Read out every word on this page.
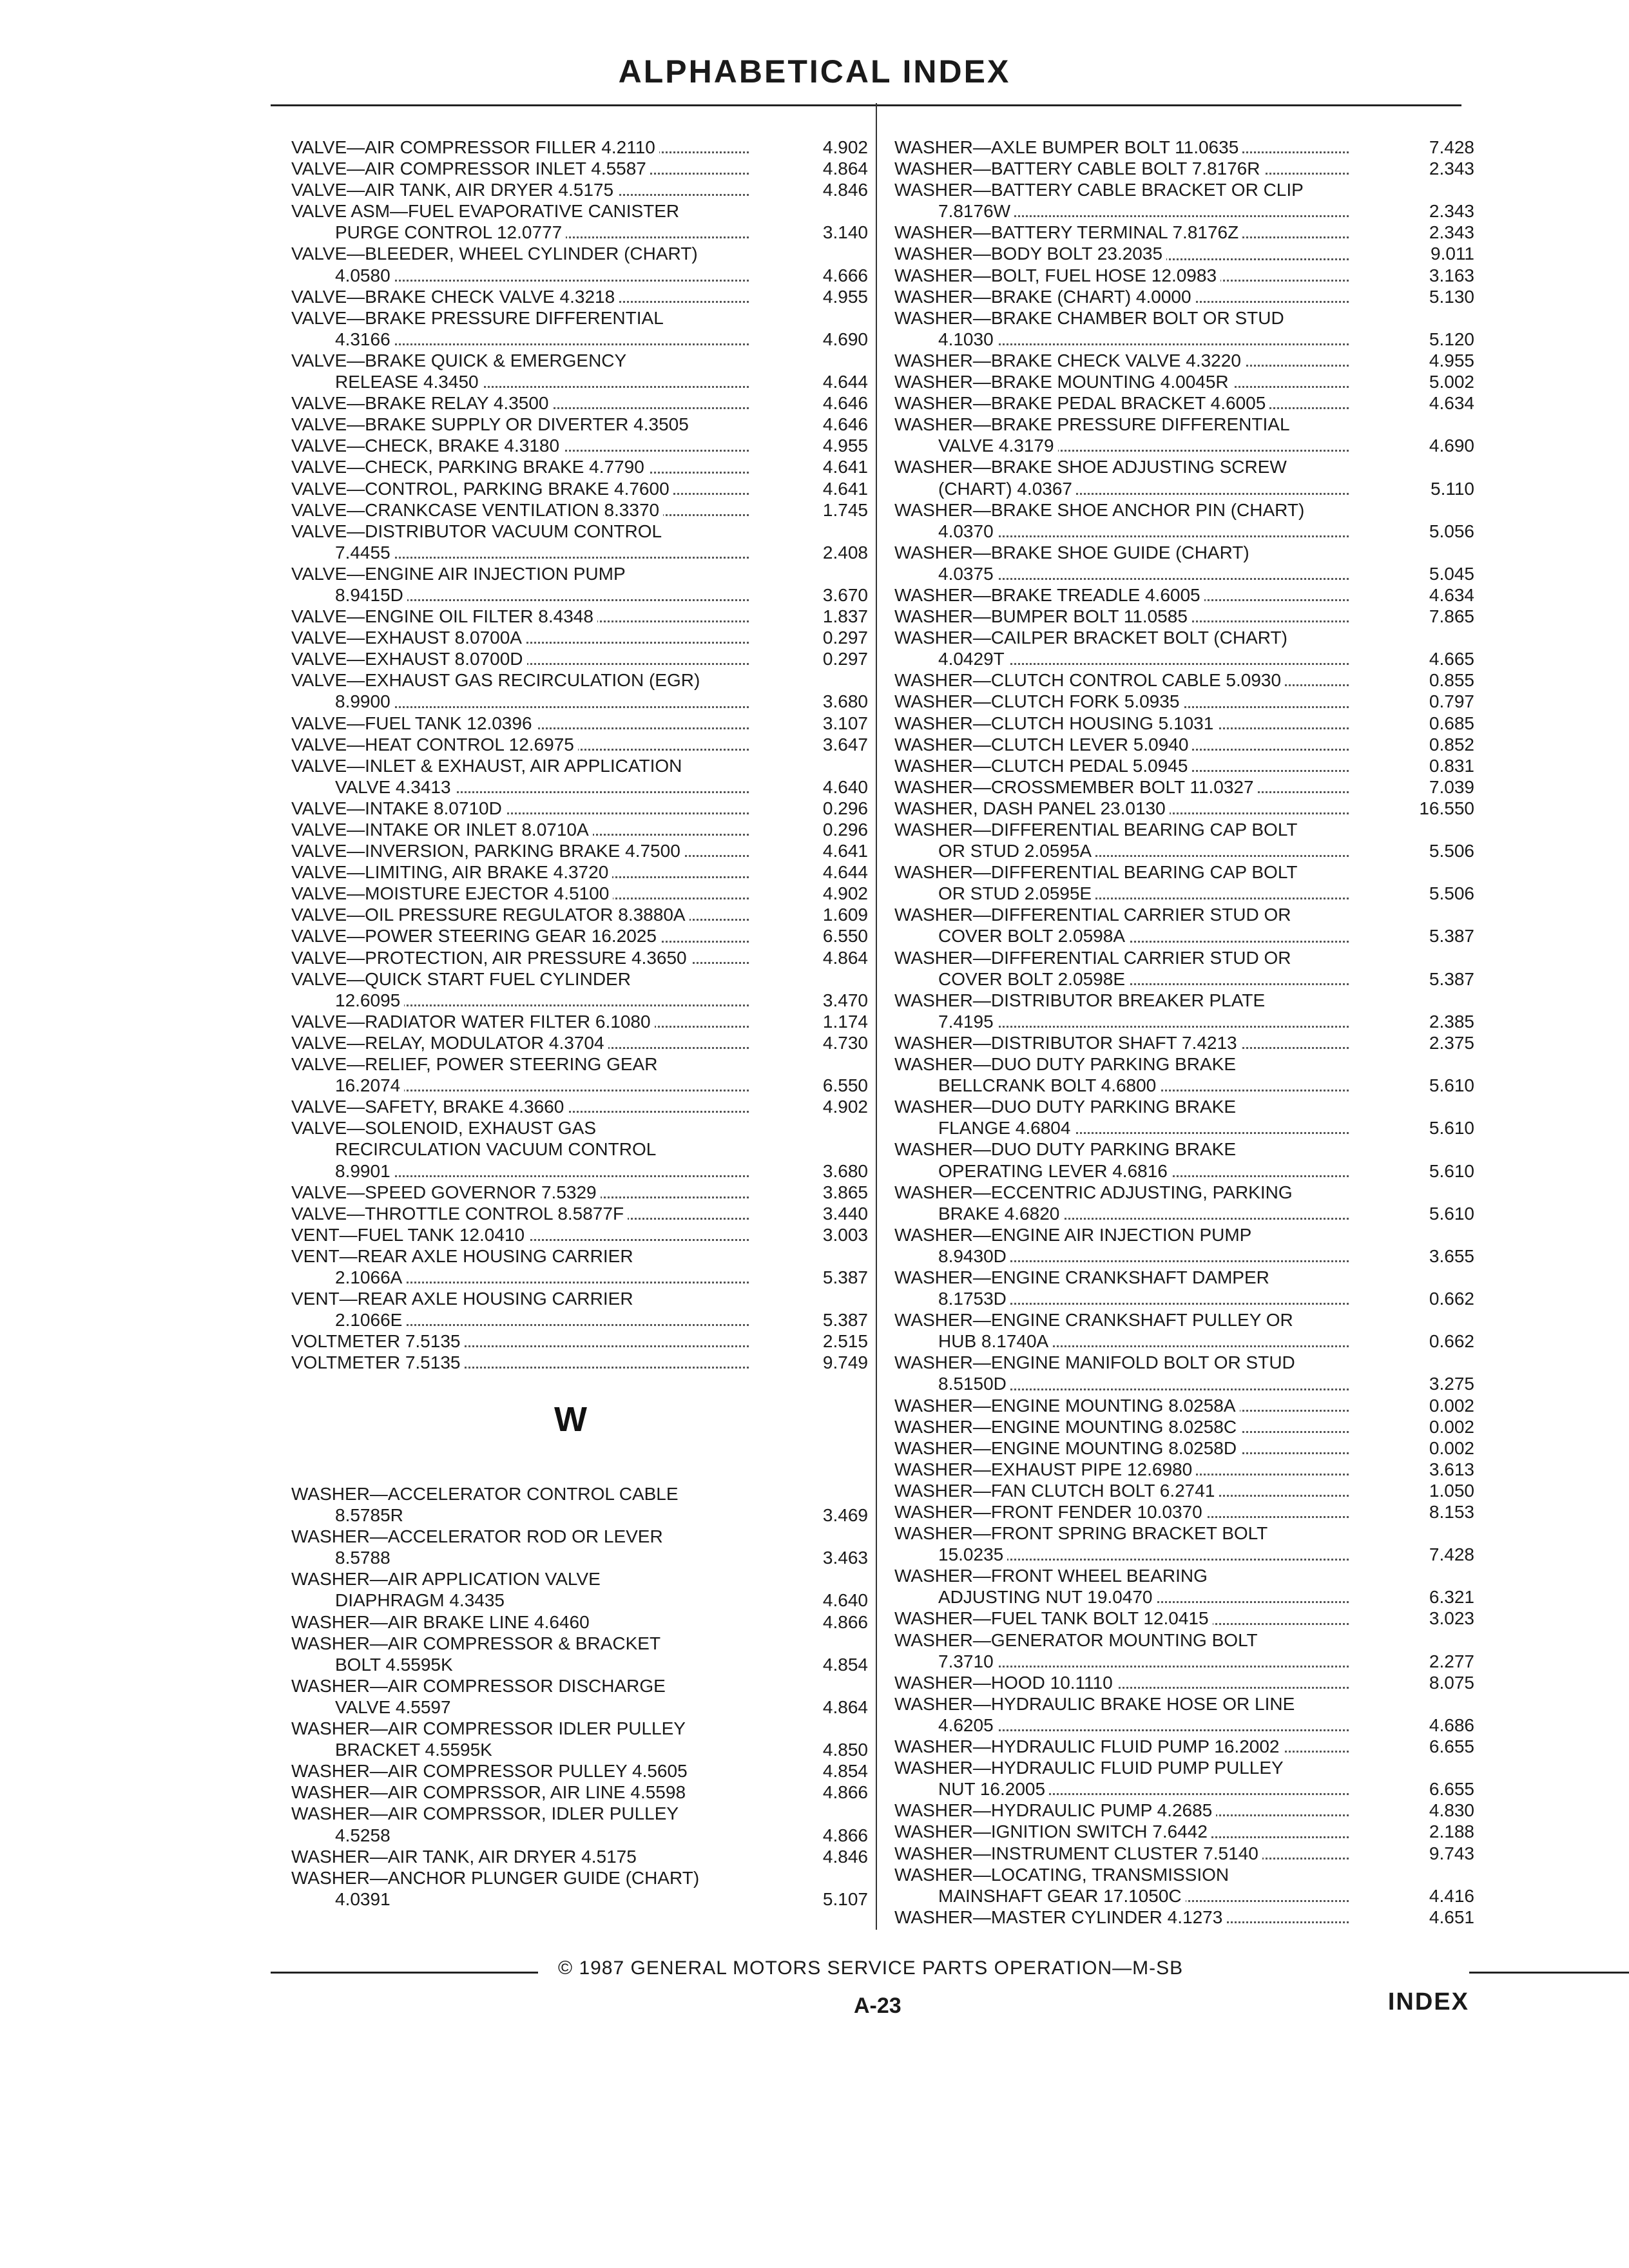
ALPHABETICAL INDEX
VALVE—AIR COMPRESSOR FILLER 4.2110	4.902
VALVE—AIR COMPRESSOR INLET 4.5587	4.864
VALVE—AIR TANK, AIR DRYER 4.5175	4.846
VALVE ASM—FUEL EVAPORATIVE CANISTER
PURGE CONTROL 12.0777	3.140
VALVE—BLEEDER, WHEEL CYLINDER (CHART)
4.0580	4.666
VALVE—BRAKE CHECK VALVE 4.3218	4.955
VALVE—BRAKE PRESSURE DIFFERENTIAL
4.3166	4.690
VALVE—BRAKE QUICK & EMERGENCY
RELEASE 4.3450	4.644
VALVE—BRAKE RELAY 4.3500	4.646
VALVE—BRAKE SUPPLY OR DIVERTER 4.3505	4.646
VALVE—CHECK, BRAKE 4.3180	4.955
VALVE—CHECK, PARKING BRAKE 4.7790	4.641
VALVE—CONTROL, PARKING BRAKE 4.7600	4.641
VALVE—CRANKCASE VENTILATION 8.3370	1.745
VALVE—DISTRIBUTOR VACUUM CONTROL
7.4455	2.408
VALVE—ENGINE AIR INJECTION PUMP
8.9415D	3.670
VALVE—ENGINE OIL FILTER 8.4348	1.837
VALVE—EXHAUST 8.0700A	0.297
VALVE—EXHAUST 8.0700D	0.297
VALVE—EXHAUST GAS RECIRCULATION (EGR)
8.9900	3.680
VALVE—FUEL TANK 12.0396	3.107
VALVE—HEAT CONTROL 12.6975	3.647
VALVE—INLET & EXHAUST, AIR APPLICATION
VALVE 4.3413	4.640
VALVE—INTAKE 8.0710D	0.296
VALVE—INTAKE OR INLET 8.0710A	0.296
VALVE—INVERSION, PARKING BRAKE 4.7500	4.641
VALVE—LIMITING, AIR BRAKE 4.3720	4.644
VALVE—MOISTURE EJECTOR 4.5100	4.902
VALVE—OIL PRESSURE REGULATOR 8.3880A	1.609
VALVE—POWER STEERING GEAR 16.2025	6.550
VALVE—PROTECTION, AIR PRESSURE 4.3650	4.864
VALVE—QUICK START FUEL CYLINDER
12.6095	3.470
VALVE—RADIATOR WATER FILTER 6.1080	1.174
VALVE—RELAY, MODULATOR 4.3704	4.730
VALVE—RELIEF, POWER STEERING GEAR
16.2074	6.550
VALVE—SAFETY, BRAKE 4.3660	4.902
VALVE—SOLENOID, EXHAUST GAS
RECIRCULATION VACUUM CONTROL
8.9901	3.680
VALVE—SPEED GOVERNOR 7.5329	3.865
VALVE—THROTTLE CONTROL 8.5877F	3.440
VENT—FUEL TANK 12.0410	3.003
VENT—REAR AXLE HOUSING CARRIER
2.1066A	5.387
VENT—REAR AXLE HOUSING CARRIER
2.1066E	5.387
VOLTMETER 7.5135	2.515
VOLTMETER 7.5135	9.749
W
WASHER—ACCELERATOR CONTROL CABLE
8.5785R	3.469
WASHER—ACCELERATOR ROD OR LEVER
8.5788	3.463
WASHER—AIR APPLICATION VALVE
DIAPHRAGM 4.3435	4.640
WASHER—AIR BRAKE LINE 4.6460	4.866
WASHER—AIR COMPRESSOR & BRACKET
BOLT 4.5595K	4.854
WASHER—AIR COMPRESSOR DISCHARGE
VALVE 4.5597	4.864
WASHER—AIR COMPRESSOR IDLER PULLEY
BRACKET 4.5595K	4.850
WASHER—AIR COMPRESSOR PULLEY 4.5605	4.854
WASHER—AIR COMPRSSOR, AIR LINE 4.5598	4.866
WASHER—AIR COMPRSSOR, IDLER PULLEY
4.5258	4.866
WASHER—AIR TANK, AIR DRYER 4.5175	4.846
WASHER—ANCHOR PLUNGER GUIDE (CHART)
4.0391	5.107
WASHER—AXLE BUMPER BOLT 11.0635	7.428
WASHER—BATTERY CABLE BOLT 7.8176R	2.343
WASHER—BATTERY CABLE BRACKET OR CLIP
7.8176W	2.343
WASHER—BATTERY TERMINAL 7.8176Z	2.343
WASHER—BODY BOLT 23.2035	9.011
WASHER—BOLT, FUEL HOSE 12.0983	3.163
WASHER—BRAKE (CHART) 4.0000	5.130
WASHER—BRAKE CHAMBER BOLT OR STUD
4.1030	5.120
WASHER—BRAKE CHECK VALVE 4.3220	4.955
WASHER—BRAKE MOUNTING 4.0045R	5.002
WASHER—BRAKE PEDAL BRACKET 4.6005	4.634
WASHER—BRAKE PRESSURE DIFFERENTIAL
VALVE 4.3179	4.690
WASHER—BRAKE SHOE ADJUSTING SCREW
(CHART) 4.0367	5.110
WASHER—BRAKE SHOE ANCHOR PIN (CHART)
4.0370	5.056
WASHER—BRAKE SHOE GUIDE (CHART)
4.0375	5.045
WASHER—BRAKE TREADLE 4.6005	4.634
WASHER—BUMPER BOLT 11.0585	7.865
WASHER—CAILPER BRACKET BOLT (CHART)
4.0429T	4.665
WASHER—CLUTCH CONTROL CABLE 5.0930	0.855
WASHER—CLUTCH FORK 5.0935	0.797
WASHER—CLUTCH HOUSING 5.1031	0.685
WASHER—CLUTCH LEVER 5.0940	0.852
WASHER—CLUTCH PEDAL 5.0945	0.831
WASHER—CROSSMEMBER BOLT 11.0327	7.039
WASHER, DASH PANEL 23.0130	16.550
WASHER—DIFFERENTIAL BEARING CAP BOLT
OR STUD 2.0595A	5.506
WASHER—DIFFERENTIAL BEARING CAP BOLT
OR STUD 2.0595E	5.506
WASHER—DIFFERENTIAL CARRIER STUD OR
COVER BOLT 2.0598A	5.387
WASHER—DIFFERENTIAL CARRIER STUD OR
COVER BOLT 2.0598E	5.387
WASHER—DISTRIBUTOR BREAKER PLATE
7.4195	2.385
WASHER—DISTRIBUTOR SHAFT 7.4213	2.375
WASHER—DUO DUTY PARKING BRAKE
BELLCRANK BOLT 4.6800	5.610
WASHER—DUO DUTY PARKING BRAKE
FLANGE 4.6804	5.610
WASHER—DUO DUTY PARKING BRAKE
OPERATING LEVER 4.6816	5.610
WASHER—ECCENTRIC ADJUSTING, PARKING
BRAKE 4.6820	5.610
WASHER—ENGINE AIR INJECTION PUMP
8.9430D	3.655
WASHER—ENGINE CRANKSHAFT DAMPER
8.1753D	0.662
WASHER—ENGINE CRANKSHAFT PULLEY OR
HUB 8.1740A	0.662
WASHER—ENGINE MANIFOLD BOLT OR STUD
8.5150D	3.275
WASHER—ENGINE MOUNTING 8.0258A	0.002
WASHER—ENGINE MOUNTING 8.0258C	0.002
WASHER—ENGINE MOUNTING 8.0258D	0.002
WASHER—EXHAUST PIPE 12.6980	3.613
WASHER—FAN CLUTCH BOLT 6.2741	1.050
WASHER—FRONT FENDER 10.0370	8.153
WASHER—FRONT SPRING BRACKET BOLT
15.0235	7.428
WASHER—FRONT WHEEL BEARING
ADJUSTING NUT 19.0470	6.321
WASHER—FUEL TANK BOLT 12.0415	3.023
WASHER—GENERATOR MOUNTING BOLT
7.3710	2.277
WASHER—HOOD 10.1110	8.075
WASHER—HYDRAULIC BRAKE HOSE OR LINE
4.6205	4.686
WASHER—HYDRAULIC FLUID PUMP 16.2002	6.655
WASHER—HYDRAULIC FLUID PUMP PULLEY
NUT 16.2005	6.655
WASHER—HYDRAULIC PUMP 4.2685	4.830
WASHER—IGNITION SWITCH 7.6442	2.188
WASHER—INSTRUMENT CLUSTER 7.5140	9.743
WASHER—LOCATING, TRANSMISSION
MAINSHAFT GEAR 17.1050C	4.416
WASHER—MASTER CYLINDER 4.1273	4.651
© 1987 GENERAL MOTORS SERVICE PARTS OPERATION—M-SB
A-23	INDEX
